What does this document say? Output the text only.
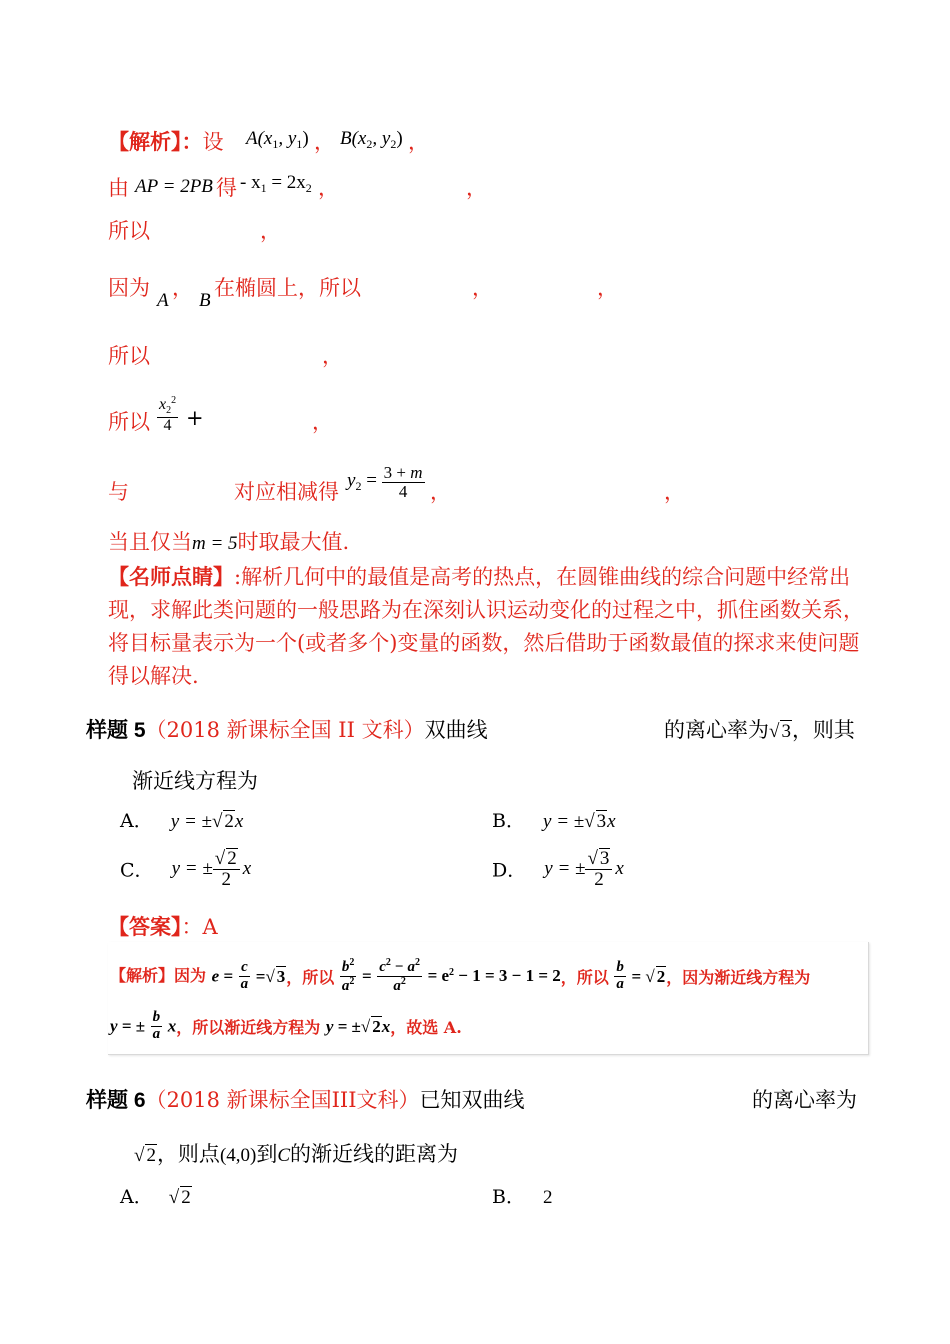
【解析】：设 $A(x_1$, $y_1$) ， $B(x_2$, $y_2$) ，
由 AP = 2PB 得 - $x_1 = 2x_2$ ，	，
所以	，
因为
A
，
B
在椭圆上，所以	，	，
所以	，
所以 $\frac{x_2^2}{4}$ +	，
与	对应相减得 $y_2 = \frac{3 + m}{4}$ ，	，
当且仅当m = 5时取最大值.
【名师点睛】:解析几何中的最值是高考的热点，在圆锥曲线的综合问题中经常出现，求解此类问题的一般思路为在深刻认识运动变化的过程之中，抓住函数关系，将目标量表示为一个(或者多个)变量的函数，然后借助于函数最值的探求来使问题得以解决.
样题 5（2018 新课标全国 II 文科）双曲线	的离心率为√ 3，则其
渐近线方程为
A． y = ±√ 2x	B． y = ±√ 3x
C． y = ± $\frac{√ 2}{2}$ x	D． y = ± $\frac{√ 3}{2}$ x
【答案】：A
【解析】因为 $e = \frac{c}{a}$ =√ 3，所以 $\frac{b^2}{a^2} = \frac{c^2 - a^2}{a^2} = e^2 - 1 = 3 - 1 = 2$，所以 $\frac{b}{a}$ = √ 2，因为渐近线方程为
y = ± $\frac{b}{a}$ x，所以渐近线方程为 y = ±√ 2x，故选 A.
样题 6（2018 新课标全国III文科）已知双曲线	的离心率为
√ 2，则点(4,0)到C的渐近线的距离为
A． √ 2	B． 2
